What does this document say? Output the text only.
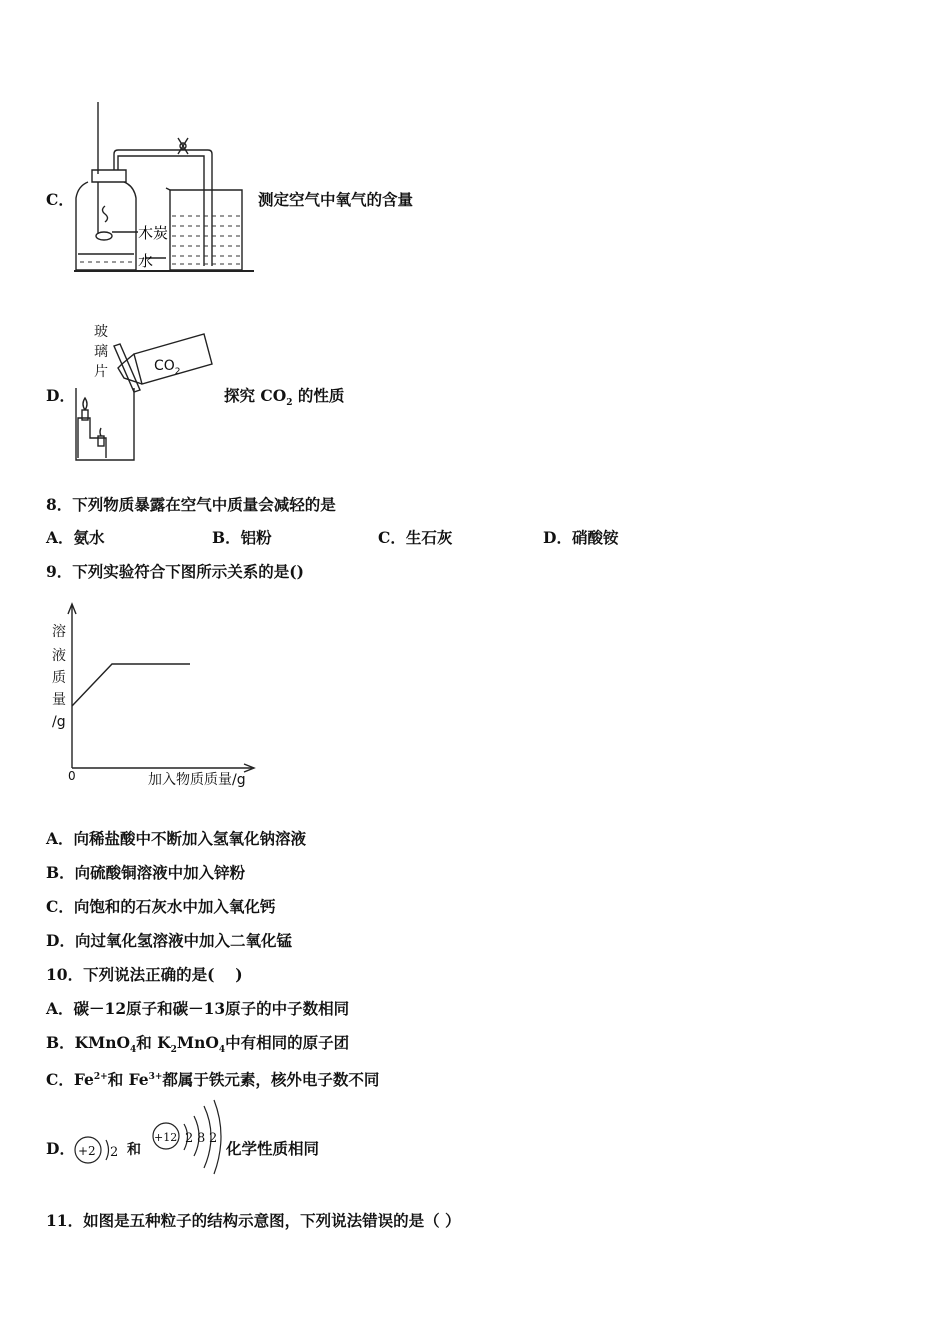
C．
木炭
水
测定空气中氧气的含量
D．
玻
璃
片	$CO_2$
探究 $CO_2$ 的性质
8．下列物质暴露在空气中质量会减轻的是
A．氨水	B．铝粉	C．生石灰	D．硝酸铵
9．下列实验符合下图所示关系的是()
溶
液
质
量
/g
0	加入物质质量/g
A．向稀盐酸中不断加入氢氧化钠溶液
B．向硫酸铜溶液中加入锌粉
C．向饱和的石灰水中加入氧化钙
D．向过氧化氢溶液中加入二氧化锰
10．下列说法正确的是(　 )
A．碳－12原子和碳－13原子的中子数相同
B．KMnO$_4$和 $K_2MnO_4$中有相同的原子团
C．$Fe^{2+}$和 $Fe^{3+}$都属于铁元素，核外电子数不同
D． +2 2 和
+12 2 8 2
化学性质相同
11．如图是五种粒子的结构示意图，下列说法错误的是（ ）
